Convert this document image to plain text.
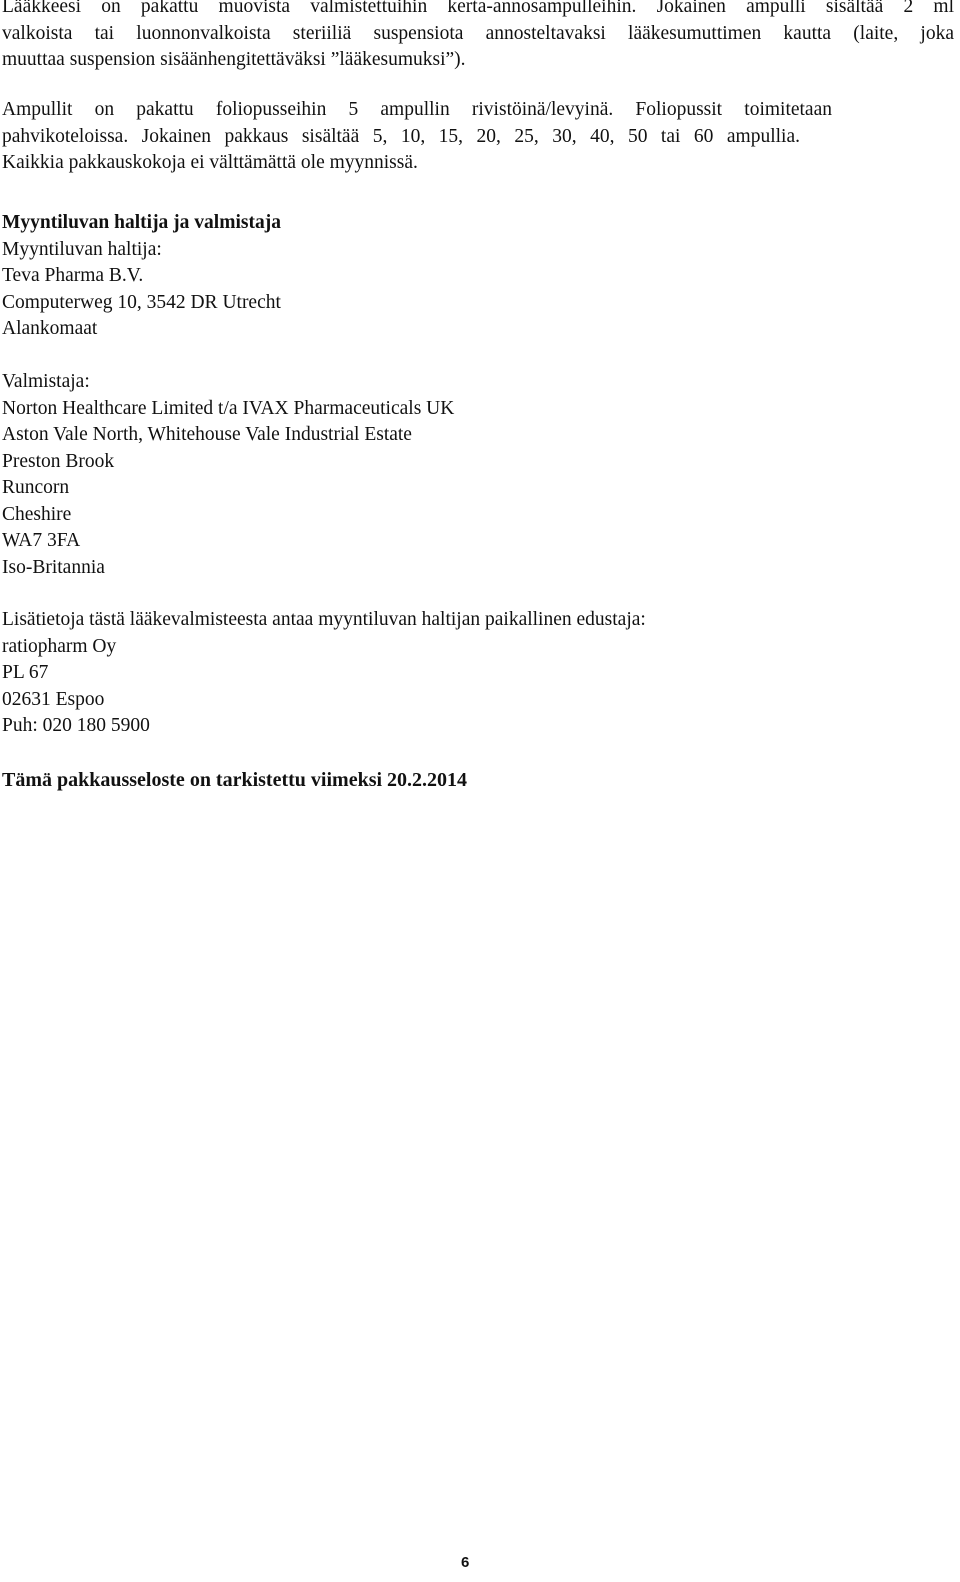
Lääkkeesi on pakattu muovista valmistettuihin kerta-annosampulleihin. Jokainen ampulli sisältää 2 ml
valkoista tai luonnonvalkoista steriiliä suspensiota annosteltavaksi lääkesumuttimen kautta (laite, joka
muuttaa suspension sisäänhengitettäväksi ”lääkesumuksi”).

Ampullit on pakattu foliopusseihin 5 ampullin rivistöinä/levyinä. Foliopussit toimitetaan
pahvikoteloissa. Jokainen pakkaus sisältää 5, 10, 15, 20, 25, 30, 40, 50 tai 60 ampullia.
Kaikkia pakkauskokoja ei välttämättä ole myynnissä.

Myyntiluvan haltija ja valmistaja
Myyntiluvan haltija:
Teva Pharma B.V.
Computerweg 10, 3542 DR Utrecht
Alankomaat

Valmistaja:
Norton Healthcare Limited t/a IVAX Pharmaceuticals UK
Aston Vale North, Whitehouse Vale Industrial Estate
Preston Brook
Runcorn
Cheshire
WA7 3FA
Iso-Britannia

Lisätietoja tästä lääkevalmisteesta antaa myyntiluvan haltijan paikallinen edustaja:
ratiopharm Oy
PL 67
02631 Espoo
Puh: 020 180 5900

Tämä pakkausseloste on tarkistettu viimeksi 20.2.2014

6
